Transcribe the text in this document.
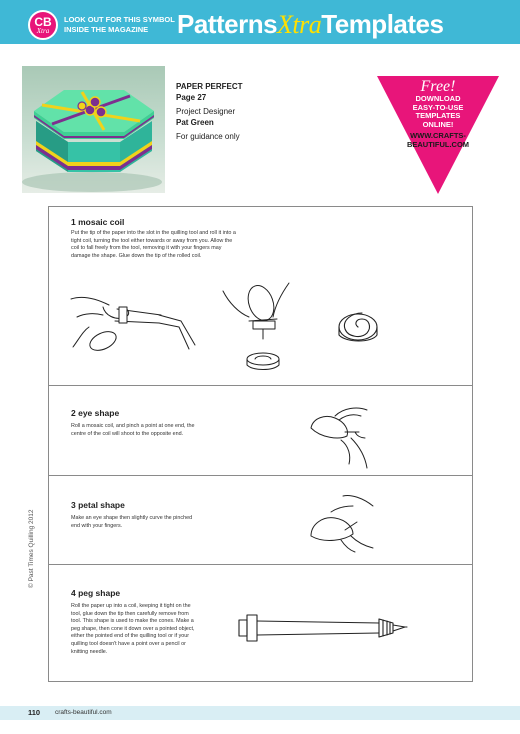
CB
Xtra
LOOK OUT FOR THIS SYMBOL
INSIDE THE MAGAZINE	PatternsXtraTemplates
PAPER PERFECT
Page 27
Project Designer
Pat Green
For guidance only
Free!
DOWNLOAD
EASY-TO-USE
TEMPLATES
ONLINE!
WWW.CRAFTS-
BEAUTIFUL.COM
1 mosaic coil
Put the tip of the paper into the slot in the quilling tool and roll it into a
tight coil, turning the tool either towards or away from you. Allow the
coil to fall freely from the tool, removing it with your fingers may
damage the shape. Glue down the tip of the rolled coil.
2 eye shape
Roll a mosaic coil, and pinch a point at one end, the
centre of the coil will shoot to the opposite end.
3 petal shape
Make an eye shape then slightly curve the pinched
end with your fingers.
4 peg shape
Roll the paper up into a coil, keeping it tight on the
tool, glue down the tip then carefully remove from
tool. This shape is used to make the cones. Make a
peg shape, then cone it down over a pointed object,
either the pointed end of the quilling tool or if your
quilling tool doesn't have a point over a pencil or
knitting needle.
© Past Times Quilling 2012
110 crafts-beautiful.com
